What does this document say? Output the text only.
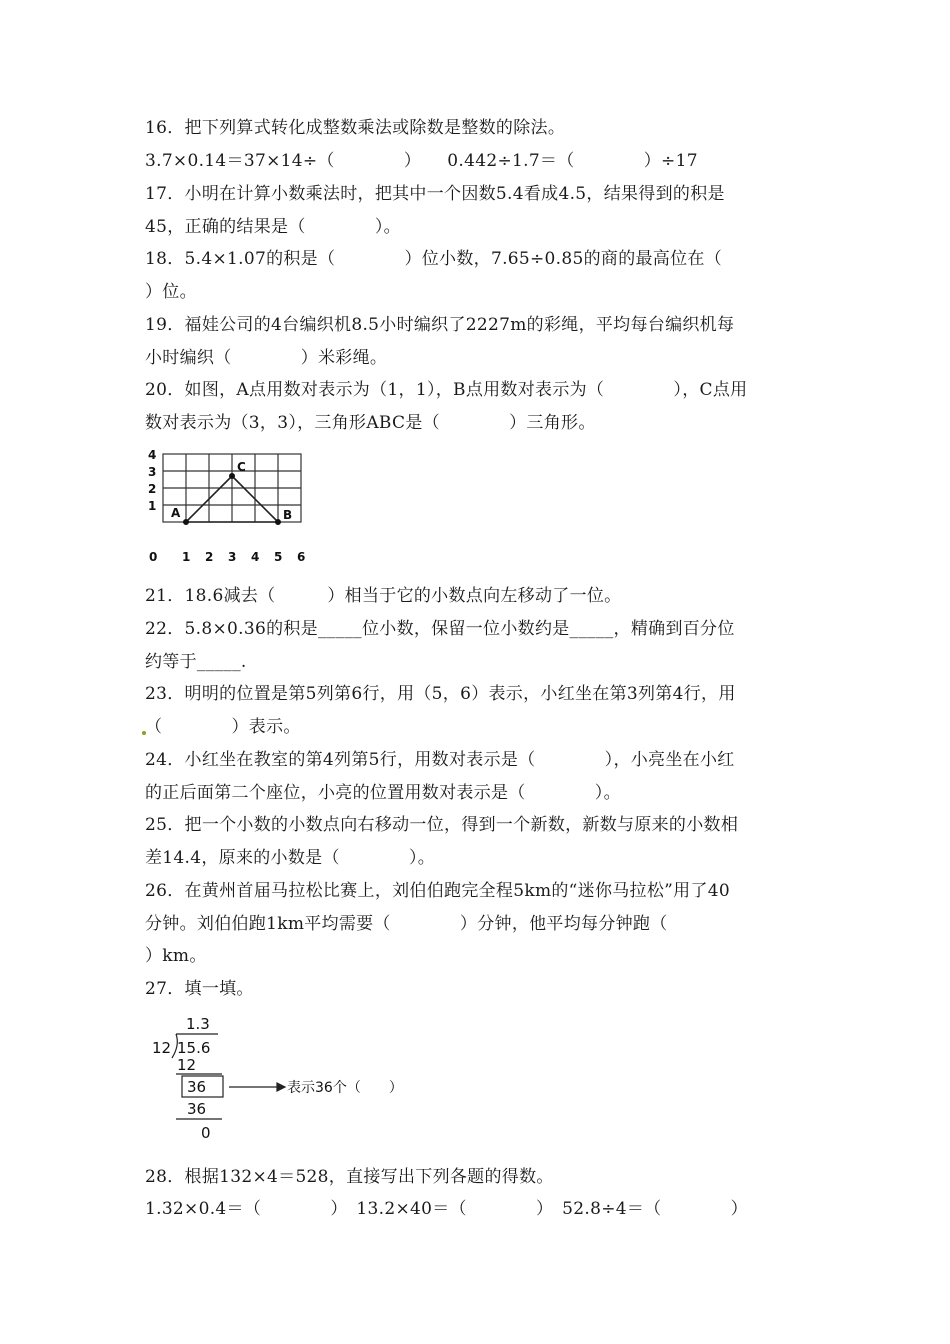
16．把下列算式转化成整数乘法或除数是整数的除法。
3.7×0.14＝37×14÷（　　　　）　　0.442÷1.7＝（　　　　）÷17
17．小明在计算小数乘法时，把其中一个因数5.4看成4.5，结果得到的积是
45，正确的结果是（　　　　）。
18．5.4×1.07的积是（　　　　）位小数，7.65÷0.85的商的最高位在（
）位。
19．福娃公司的4台编织机8.5小时编织了2227m的彩绳，平均每台编织机每
小时编织（　　　　）米彩绳。
20．如图，A点用数对表示为（1，1），B点用数对表示为（　　　　），C点用
数对表示为（3，3），三角形ABC是（　　　　）三角形。
A	B
C
4
3
2
1
0 1 2 3 4 5 6
21．18.6减去（　　　）相当于它的小数点向左移动了一位。
22．5.8×0.36的积是_____位小数，保留一位小数约是_____，精确到百分位
约等于_____.
23．明明的位置是第5列第6行，用（5，6）表示，小红坐在第3列第4行，用
（　　　　）表示。
24．小红坐在教室的第4列第5行，用数对表示是（　　　　），小亮坐在小红
的正后面第二个座位，小亮的位置用数对表示是（　　　　）。
25．把一个小数的小数点向右移动一位，得到一个新数，新数与原来的小数相
差14.4，原来的小数是（　　　　）。
26．在黄州首届马拉松比赛上，刘伯伯跑完全程5km的“迷你马拉松”用了40
分钟。刘伯伯跑1km平均需要（　　　　）分钟，他平均每分钟跑（
）km。
27．填一填。
1.3
12 15.6
12
36
36
0
表示36个（　　）
28．根据132×4＝528，直接写出下列各题的得数。
1.32×0.4＝（　　　　）　13.2×40＝（　　　　）　52.8÷4＝（　　　　）
